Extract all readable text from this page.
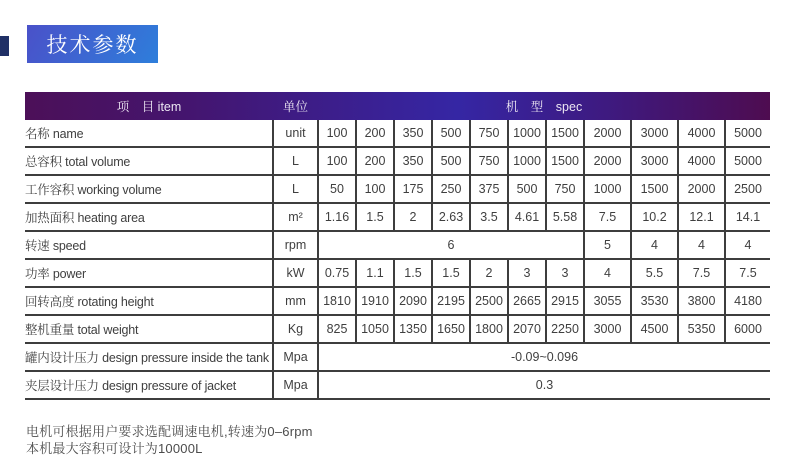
技术参数
项　目 item	单位	机　型　spec
名称 name	unit	100	200	350	500	750	1000	1500	2000	3000	4000	5000
总容积 total volume	L	100	200	350	500	750	1000	1500	2000	3000	4000	5000
工作容积 working volume	L	50	100	175	250	375	500	750	1000	1500	2000	2500
加热面积 heating area	m²	1.16	1.5	2	2.63	3.5	4.61	5.58	7.5	10.2	12.1	14.1
转速 speed	rpm	6							5	4	4	4
功率 power	kW	0.75	1.1	1.5	1.5	2	3	3	4	5.5	7.5	7.5
回转高度 rotating height	mm	1810	1910	2090	2195	2500	2665	2915	3055	3530	3800	4180
整机重量 total weight	Kg	825	1050	1350	1650	1800	2070	2250	3000	4500	5350	6000
罐内设计压力 design pressure inside the tank	Mpa	-0.09~0.096										
夹层设计压力 design pressure of jacket	Mpa	0.3										
电机可根据用户要求选配调速电机,转速为0–6rpm
本机最大容积可设计为10000L
